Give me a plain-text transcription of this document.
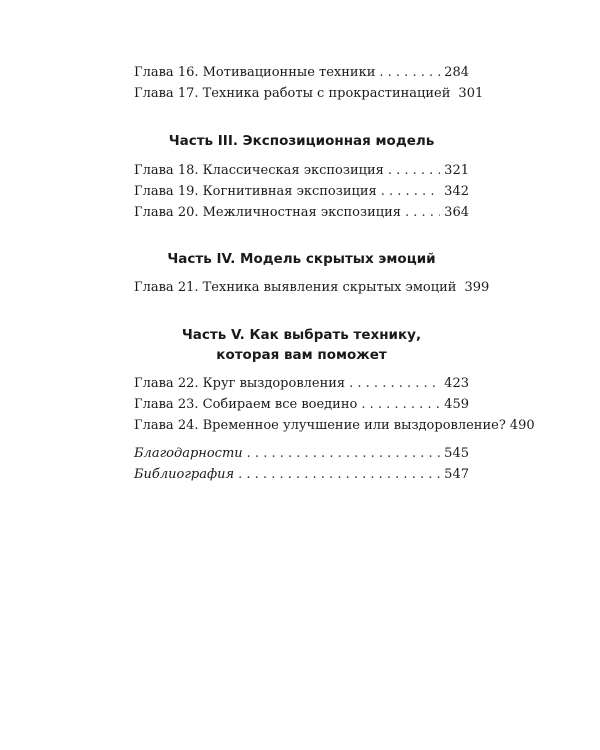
Глава 16. Мотивационные техники . . .	284
Глава 17. Техника работы с прокрастинацией 301
Часть III. Экспозиционная модель
Глава 18. Классическая экспозиция . . .	321
Глава 19. Когнитивная экспозиция . . .	342
Глава 20. Межличностная экспозиция . . .	364
Часть IV. Модель скрытых эмоций
Глава 21. Техника выявления скрытых эмоций 399
Часть V. Как выбрать технику,
которая вам поможет
Глава 22. Круг выздоровления . . .	423
Глава 23. Собираем все воедино . . .	459
Глава 24. Временное улучшение или выздоровление? 490
Благодарности . . .	545
Библиография . . .	547
